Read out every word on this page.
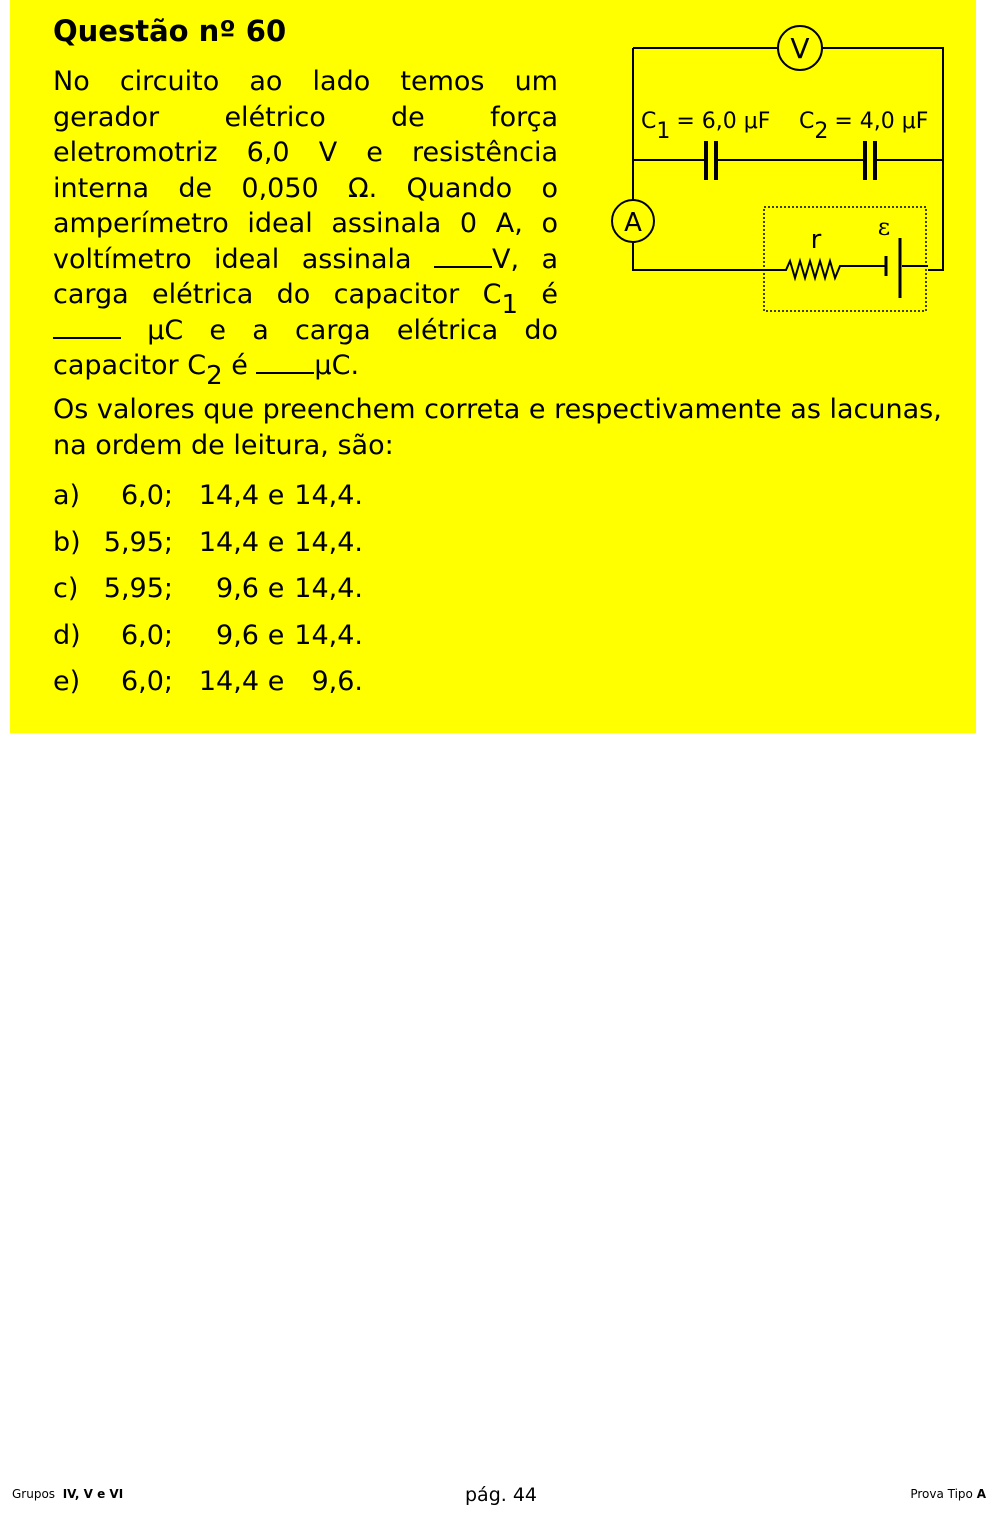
Questão nº 60
No circuito ao lado temos um
gerador elétrico de força
eletromotriz 6,0 V e resistência
interna de 0,050 Ω. Quando o
amperímetro ideal assinala 0 A, o
voltímetro ideal assinala	V, a
carga elétrica do capacitor C1 é
μC e a carga elétrica do
capacitor C2 é μC.
Os valores que preenchem correta e respectivamente as lacunas,
na ordem de leitura, são:
a)	6,0; 14,4 e 14,4.
b) 5,95; 14,4 e 14,4.
c) 5,95;	9,6 e 14,4.
d)	6,0;	9,6 e 14,4.
e)	6,0; 14,4 e	9,6.
V
A
C1 = 6,0 μF C2 = 4,0 μF
r ε
Grupos IV, V e VI	pág. 44	Prova Tipo A
